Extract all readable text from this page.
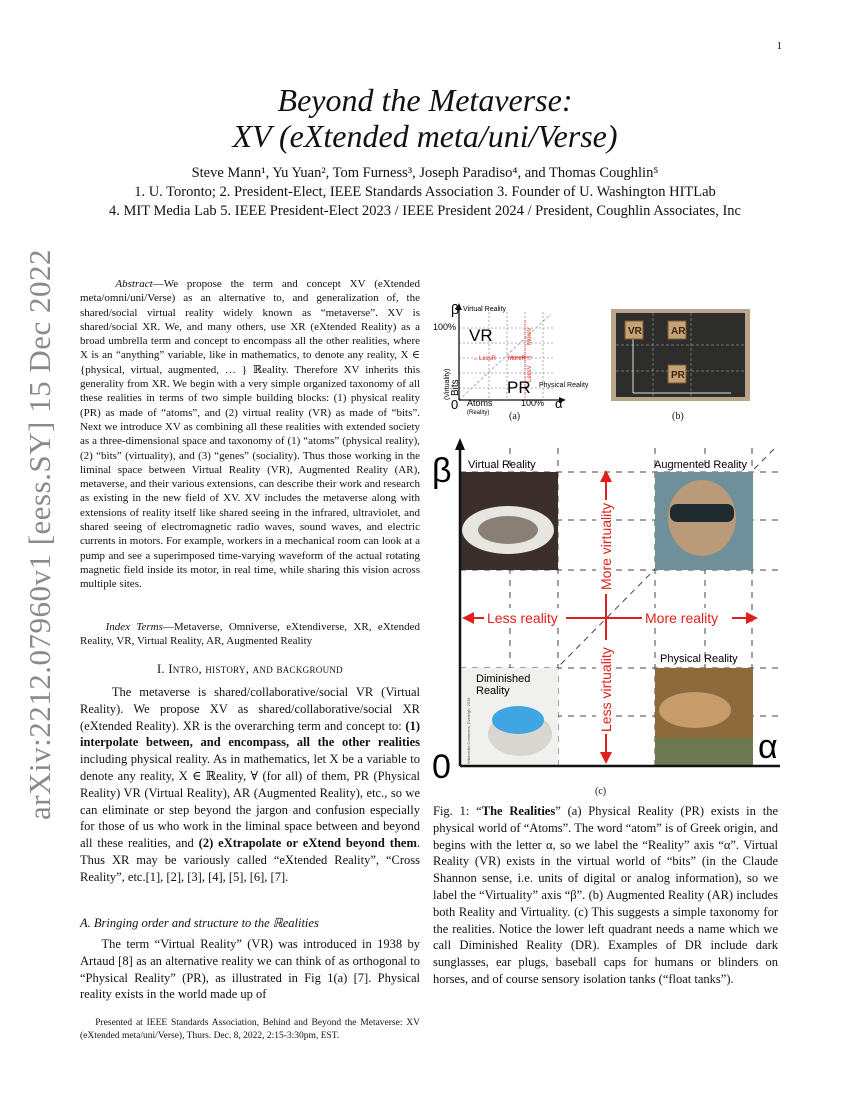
1
arXiv:2212.07960v1 [eess.SY] 15 Dec 2022
Beyond the Metaverse:
XV (eXtended meta/uni/Verse)
Steve Mann¹, Yu Yuan², Tom Furness³, Joseph Paradiso⁴, and Thomas Coughlin⁵
1. U. Toronto; 2. President-Elect, IEEE Standards Association 3. Founder of U. Washington HITLab
4. MIT Media Lab 5. IEEE President-Elect 2023 / IEEE President 2024 / President, Coughlin Associates, Inc

Abstract—We propose the term and concept XV (eXtended meta/omni/uni/Verse) as an alternative to, and generalization of, the shared/social virtual reality widely known as “metaverse”. XV is shared/social XR. We, and many others, use XR (eXtended Reality) as a broad umbrella term and concept to encompass all the other realities, where X is an “anything” variable, like in mathematics, to denote any reality, X ∈ {physical, virtual, augmented, … } ℝeality. Therefore XV inherits this generality from XR. We begin with a very simple organized taxonomy of all these realities in terms of two simple building blocks: (1) physical reality (PR) as made of “atoms”, and (2) virtual reality (VR) as made of “bits”. Next we introduce XV as combining all these realities with extended society as a three-dimensional space and taxonomy of (1) “atoms” (physical reality), (2) “bits” (virtuality), and (3) “genes” (sociality). Thus those working in the liminal space between Virtual Reality (VR), Augmented Reality (AR), metaverse, and their various extensions, can describe their work and research as existing in the new field of XV. XV includes the metaverse along with extensions of reality itself like shared seeing in the infrared, ultraviolet, and shared seeing of electromagnetic radio waves, sound waves, and electric currents in motors. For example, workers in a mechanical room can look at a pump and see a superimposed time-varying waveform of the actual rotating magnetic field inside its motor, in real time, while sharing this vision across multiple sites.

Index Terms—Metaverse, Omniverse, eXtendiverse, XR, eXtended Reality, VR, Virtual Reality, AR, Augmented Reality

I. Intro, history, and background

The metaverse is shared/collaborative/social VR (Virtual Reality). We propose XV as shared/collaborative/social XR (eXtended Reality). XR is the overarching term and concept to: (1) interpolate between, and encompass, all the other realities including physical reality. As in mathematics, let X be a variable to denote any reality, X ∈ ℝeality, ∀ (for all) of them, PR (Physical Reality) VR (Virtual Reality), AR (Augmented Reality), etc., so we can eliminate or step beyond the jargon and confusion especially for those of us who work in the liminal space between and beyond all these realities, and (2) eXtrapolate or eXtend beyond them. Thus XR may be variously called “eXtended Reality”, “Cross Reality”, etc.[1], [2], [3], [4], [5], [6], [7].

A. Bringing order and structure to the ℝealities

The term “Virtual Reality” (VR) was introduced in 1938 by Artaud [8] as an alternative reality we can think of as orthogonal to “Physical Reality” (PR), as illustrated in Fig 1(a) [7]. Physical reality exists in the world made up of

Presented at IEEE Standards Association, Behind and Beyond the Metaverse: XV (eXtended meta/uni/Verse), Thurs. Dec. 8, 2022, 2:15-3:30pm, EST.

β Virtual Reality
100% VR
←LessR MoreR→
MoreV
LessV
PR Physical Reality
Bits
(Virtuality)
0 Atoms
(Reality)
100% α
(a)
VR	AR
PR
(b)
Less reality	More reality
More virtuality
Less virtuality
Virtual Reality	Augmented Reality
Physical Reality
Diminished
Reality
Wikimedia Commons, Eveleigh, 2016
β
0
α
(c)

Fig. 1: “The Realities” (a) Physical Reality (PR) exists in the physical world of “Atoms”. The word “atom” is of Greek origin, and begins with the letter α, so we label the “Reality” axis “α”. Virtual Reality (VR) exists in the virtual world of “bits” (in the Claude Shannon sense, i.e. units of digital or analog information), so we label the “Virtuality” axis “β”. (b) Augmented Reality (AR) includes both Reality and Virtuality. (c) This suggests a simple taxonomy for the realities. Notice the lower left quadrant needs a name which we call Diminished Reality (DR). Examples of DR include dark sunglasses, ear plugs, baseball caps for humans or blinders on horses, and of course sensory isolation tanks (“float tanks”).
